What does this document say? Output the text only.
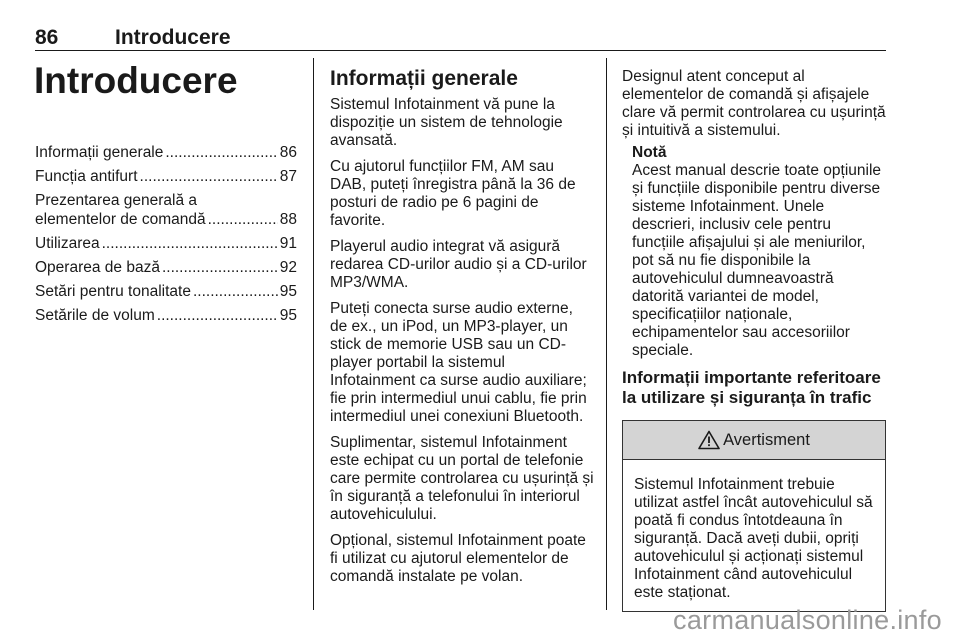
86	Introducere
Introducere
Informații generale .....	86
Funcția antifurt .....	87
Prezentarea generală a
elementelor de comandă .....	88
Utilizarea .....	91
Operarea de bază .....	92
Setări pentru tonalitate .....	95
Setările de volum .....	95
Informații generale

Sistemul Infotainment vă pune la dispoziție un sistem de tehnologie avansată.

Cu ajutorul funcțiilor FM, AM sau DAB, puteți înregistra până la 36 de posturi de radio pe 6 pagini de favorite.

Playerul audio integrat vă asigură redarea CD-urilor audio și a CD-urilor MP3/WMA.

Puteți conecta surse audio externe, de ex., un iPod, un MP3-player, un stick de memorie USB sau un CD-player portabil la sistemul Infotainment ca surse audio auxiliare; fie prin intermediul unui cablu, fie prin intermediul unei conexiuni Bluetooth.

Suplimentar, sistemul Infotainment este echipat cu un portal de telefonie care permite controlarea cu ușurință și în siguranță a telefonului în interiorul autovehiculului.

Opțional, sistemul Infotainment poate fi utilizat cu ajutorul elementelor de comandă instalate pe volan.

Designul atent conceput al elementelor de comandă și afișajele clare vă permit controlarea cu ușurință și intuitivă a sistemului.

Notă
Acest manual descrie toate opțiunile și funcțiile disponibile pentru diverse sisteme Infotainment. Unele descrieri, inclusiv cele pentru funcțiile afișajului și ale meniurilor, pot să nu fie disponibile la autovehiculul dumneavoastră datorită variantei de model, specificațiilor naționale, echipamentelor sau accesoriilor speciale.
Informații importante referitoare la utilizare și siguranța în trafic
Avertisment
Sistemul Infotainment trebuie utilizat astfel încât autovehiculul să poată fi condus întotdeauna în siguranță. Dacă aveți dubii, opriți autovehiculul și acționați sistemul Infotainment când autovehiculul este staționat.
carmanualsonline.info
